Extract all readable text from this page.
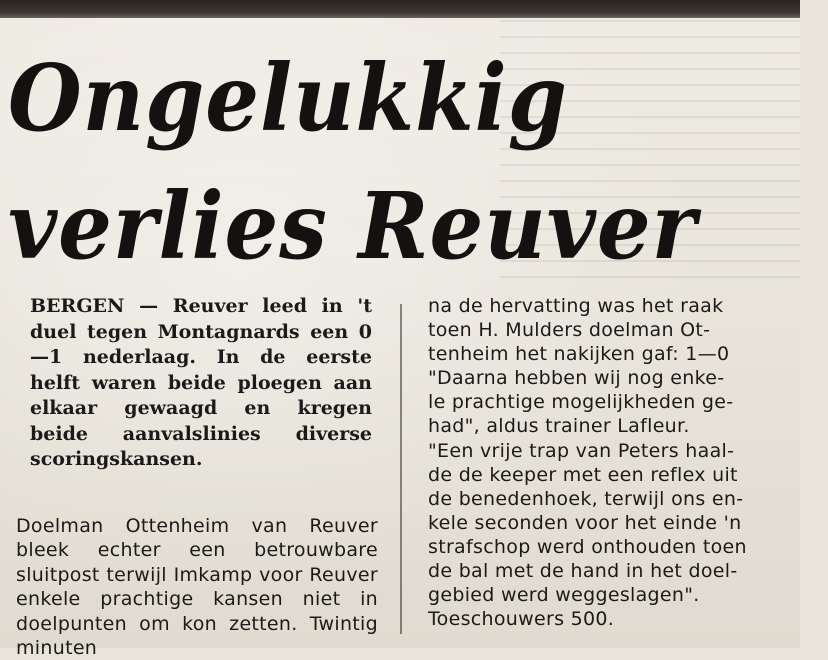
Ongelukkig
verlies Reuver

BERGEN — Reuver leed in 't duel tegen Montagnards een 0—1 nederlaag. In de eerste helft waren beide ploegen aan elkaar gewaagd en kregen beide aanvalslinies diverse scoringskansen.

Doelman Ottenheim van Reuver bleek echter een betrouwbare sluitpost terwijl Imkamp voor Reuver enkele prachtige kansen niet in doelpunten om kon zetten. Twintig minuten

na de hervatting was het raak
toen H. Mulders doelman Ot-
tenheim het nakijken gaf: 1—0
"Daarna hebben wij nog enke-
le prachtige mogelijkheden ge-
had", aldus trainer Lafleur.
"Een vrije trap van Peters haal-
de de keeper met een reflex uit
de benedenhoek, terwijl ons en-
kele seconden voor het einde 'n
strafschop werd onthouden toen
de bal met de hand in het doel-
gebied werd weggeslagen".
Toeschouwers 500.
